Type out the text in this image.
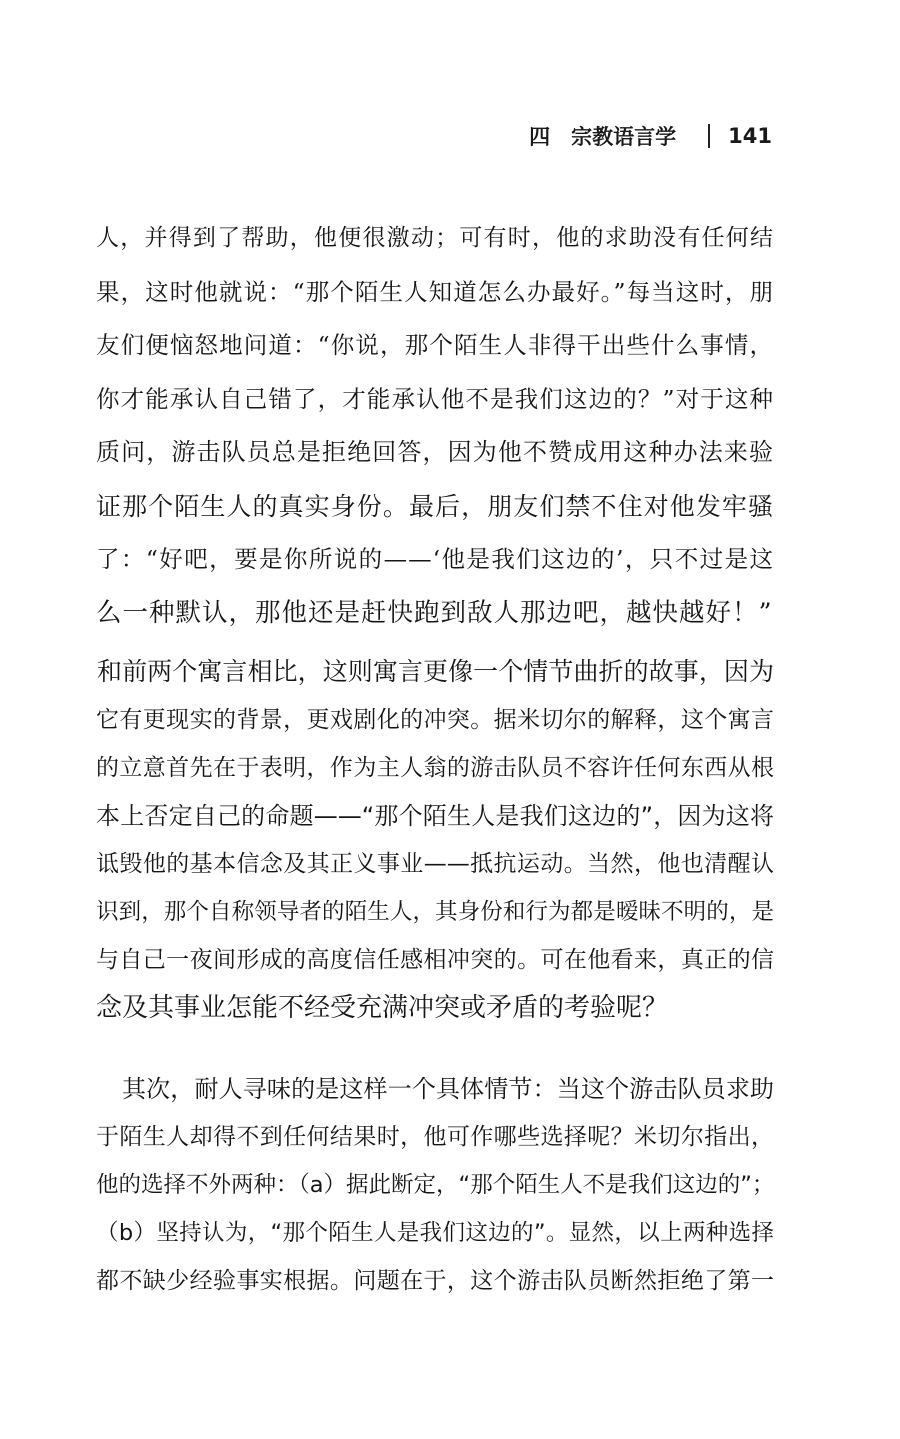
四　宗教语言学 141
人，并得到了帮助，他便很激动；可有时，他的求助没有任何结
果，这时他就说：“那个陌生人知道怎么办最好。”每当这时，朋
友们便恼怒地问道：“你说，那个陌生人非得干出些什么事情，
你才能承认自己错了，才能承认他不是我们这边的？”对于这种
质问，游击队员总是拒绝回答，因为他不赞成用这种办法来验
证那个陌生人的真实身份。最后，朋友们禁不住对他发牢骚
了：“好吧，要是你所说的——‘他是我们这边的’，只不过是这
么一种默认，那他还是赶快跑到敌人那边吧，越快越好！”
和前两个寓言相比，这则寓言更像一个情节曲折的故事，因为
它有更现实的背景，更戏剧化的冲突。据米切尔的解释，这个寓言
的立意首先在于表明，作为主人翁的游击队员不容许任何东西从根
本上否定自己的命题——“那个陌生人是我们这边的”，因为这将
诋毁他的基本信念及其正义事业——抵抗运动。当然，他也清醒认
识到，那个自称领导者的陌生人，其身份和行为都是暧昧不明的，是
与自己一夜间形成的高度信任感相冲突的。可在他看来，真正的信
念及其事业怎能不经受充满冲突或矛盾的考验呢？
其次，耐人寻味的是这样一个具体情节：当这个游击队员求助
于陌生人却得不到任何结果时，他可作哪些选择呢？米切尔指出，
他的选择不外两种：（a）据此断定，“那个陌生人不是我们这边的”；
（b）坚持认为，“那个陌生人是我们这边的”。显然，以上两种选择
都不缺少经验事实根据。问题在于，这个游击队员断然拒绝了第一
